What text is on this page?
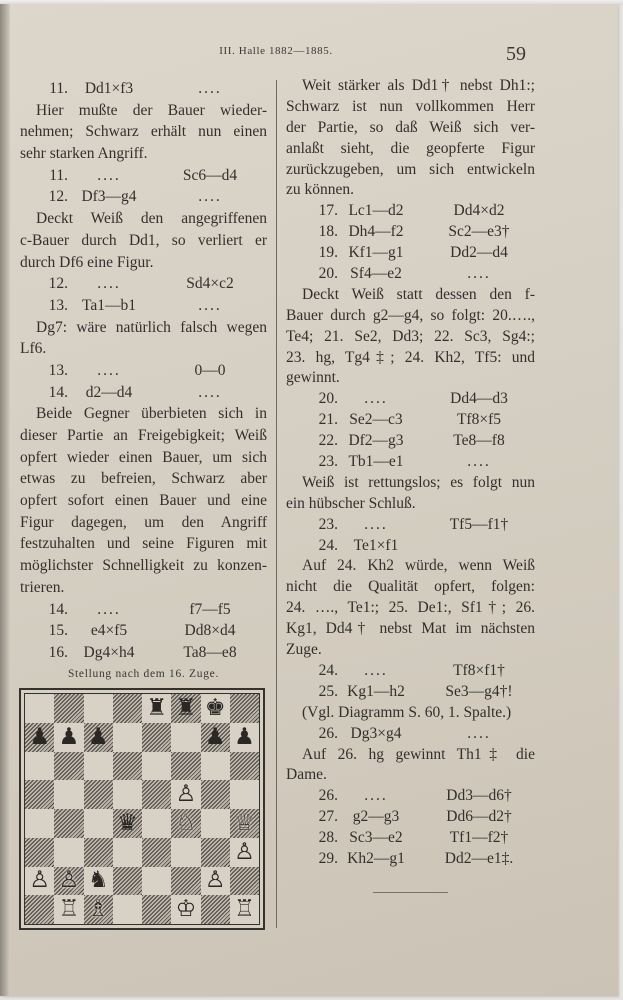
III. Halle 1882—1885.	59
11.	Dd1×f3	....
Hier mußte der Bauer wieder-
nehmen; Schwarz erhält nun einen
sehr starken Angriff.
11.	....	Sc6—d4
12. Df3—g4	....
Deckt Weiß den angegriffenen
c-Bauer durch Dd1, so verliert er
durch Df6 eine Figur.
12.	....	Sd4×c2
13. Ta1—b1	....
Dg7: wäre natürlich falsch wegen
Lf6.
13.	....	0—0
14.	d2—d4	....
Beide Gegner überbieten sich in
dieser Partie an Freigebigkeit; Weiß
opfert wieder einen Bauer, um sich
etwas zu befreien, Schwarz aber
opfert sofort einen Bauer und eine
Figur dagegen, um den Angriff
festzuhalten und seine Figuren mit
möglichster Schnelligkeit zu konzen-
trieren.
14.	....	f7—f5
15.	e4×f5	Dd8×d4
16.	Dg4×h4	Ta8—e8
Stellung nach dem 16. Zuge.
Weit stärker als Dd1† nebst Dh1:;
Schwarz ist nun vollkommen Herr
der Partie, so daß Weiß sich ver-
anlaßt sieht, die geopferte Figur
zurückzugeben, um sich entwickeln
zu können.
17. Lc1—d2	Dd4×d2
18. Dh4—f2	Sc2—e3†
19. Kf1—g1	Dd2—d4
20. Sf4—e2	....
Deckt Weiß statt dessen den f-
Bauer durch g2—g4, so folgt: 20.….,
Te4; 21. Se2, Dd3; 22. Sc3, Sg4:;
23. hg, Tg4‡; 24. Kh2, Tf5: und
gewinnt.
20.	....	Dd4—d3
21. Se2—c3	Tf8×f5
22. Df2—g3	Te8—f8
23. Tb1—e1	....
Weiß ist rettungslos; es folgt nun
ein hübscher Schluß.
23.	....	Tf5—f1†
24.	Te1×f1
Auf 24. Kh2 würde, wenn Weiß
nicht die Qualität opfert, folgen:
24. …., Te1:; 25. De1:, Sf1†; 26.
Kg1, Dd4† nebst Mat im nächsten
Zuge.
24.	....	Tf8×f1†
25. Kg1—h2	Se3—g4†!
(Vgl. Diagramm S. 60, 1. Spalte.)
26. Dg3×g4	....
Auf 26. hg gewinnt Th1‡ die
Dame.
26.	....	Dd3—d6†
27. g2—g3	Dd6—d2†
28. Sc3—e2	Tf1—f2†
29. Kh2—g1	Dd2—e1‡.
♜ ♜ ♚
♟ ♟ ♟	♟ ♟
♙
♛ ♘ ♕
♙
♙ ♙ ♞	♙
♖ ♗	♔ ♖
